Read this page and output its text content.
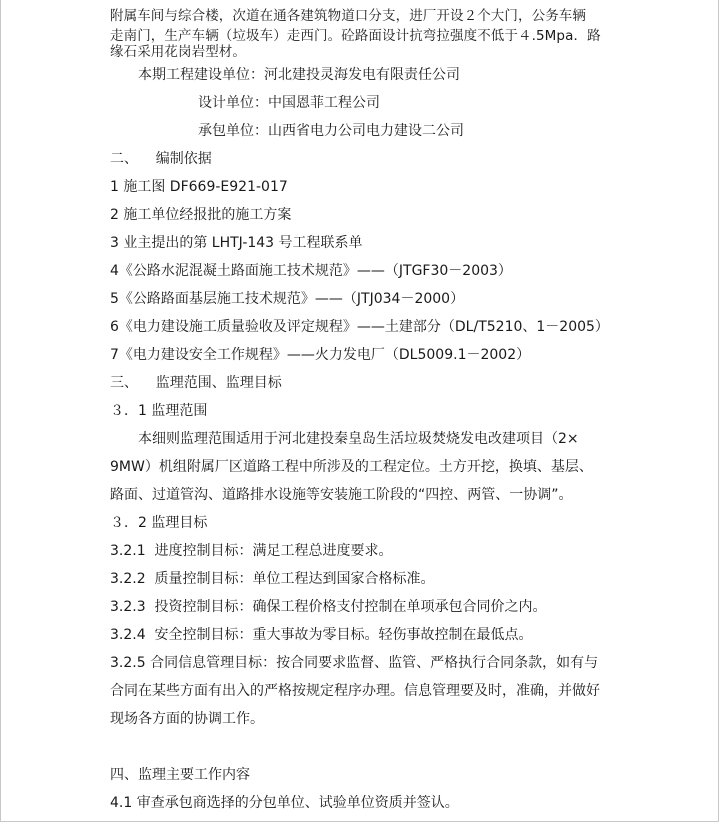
附属车间与综合楼，次道在通各建筑物道口分支，进厂开设２个大门，公务车辆

走南门，生产车辆（垃圾车）走西门。砼路面设计抗弯拉强度不低于４.5Mpa．路

缘石采用花岗岩型材。

本期工程建设单位：河北建投灵海发电有限责任公司

设计单位：中国恩菲工程公司

承包单位：山西省电力公司电力建设二公司

二、    编制依据

1 施工图 DF669-E921-017

2 施工单位经报批的施工方案

3 业主提出的第 LHTJ-143 号工程联系单

4《公路水泥混凝土路面施工技术规范》——（JTGF30－2003）

5《公路路面基层施工技术规范》——（JTJ034－2000）

6《电力建设施工质量验收及评定规程》——土建部分（DL/T5210、1－2005）

7《电力建设安全工作规程》——火力发电厂（DL5009.1－2002）

三、    监理范围、监理目标

３．1 监理范围

本细则监理范围适用于河北建投秦皇岛生活垃圾焚烧发电改建项目（2×

9MW）机组附属厂区道路工程中所涉及的工程定位。土方开挖，换填、基层、

路面、过道管沟、道路排水设施等安装施工阶段的“四控、两管、一协调”。

３．2 监理目标

3.2.1  进度控制目标：满足工程总进度要求。

3.2.2  质量控制目标：单位工程达到国家合格标准。

3.2.3  投资控制目标：确保工程价格支付控制在单项承包合同价之内。

3.2.4  安全控制目标：重大事故为零目标。轻伤事故控制在最低点。

3.2.5 合同信息管理目标：按合同要求监督、监管、严格执行合同条款，如有与

合同在某些方面有出入的严格按规定程序办理。信息管理要及时，准确，并做好

现场各方面的协调工作。

四、监理主要工作内容

4.1 审查承包商选择的分包单位、试验单位资质并签认。
